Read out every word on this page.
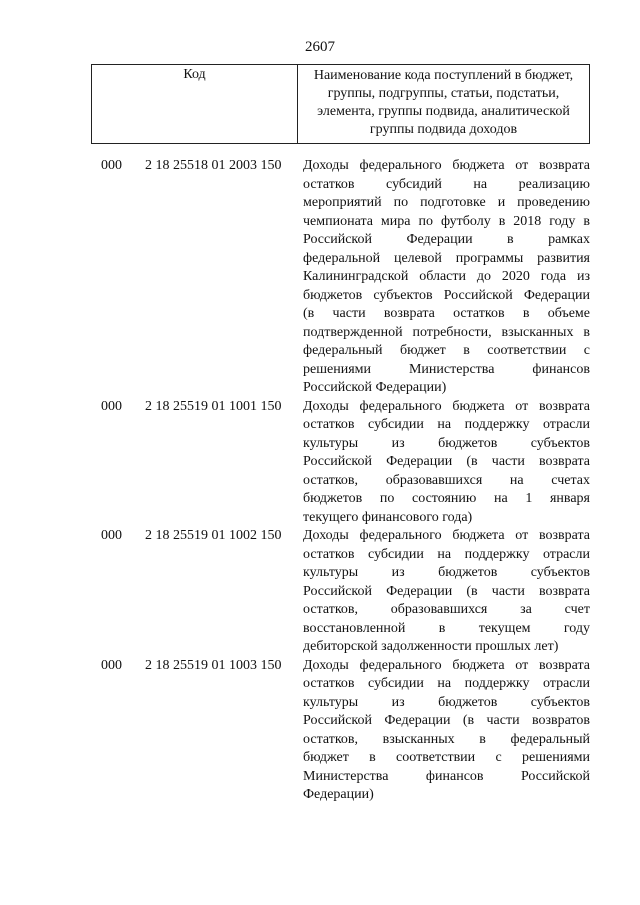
2607
Код	Наименование кода поступлений в бюджет,
группы, подгруппы, статьи, подстатьи,
элемента, группы подвида, аналитической
группы подвида доходов
000	2 18 25518 01 2003 150	Доходы федерального бюджета от возврата
остатков субсидий на реализацию
мероприятий по подготовке и проведению
чемпионата мира по футболу в 2018 году в
Российской Федерации в рамках
федеральной целевой программы развития
Калининградской области до 2020 года из
бюджетов субъектов Российской Федерации
(в части возврата остатков в объеме
подтвержденной потребности, взысканных в
федеральный бюджет в соответствии с
решениями Министерства финансов
Российской Федерации)
000	2 18 25519 01 1001 150	Доходы федерального бюджета от возврата
остатков субсидии на поддержку отрасли
культуры из бюджетов субъектов
Российской Федерации (в части возврата
остатков, образовавшихся на счетах
бюджетов по состоянию на 1 января
текущего финансового года)
000	2 18 25519 01 1002 150	Доходы федерального бюджета от возврата
остатков субсидии на поддержку отрасли
культуры из бюджетов субъектов
Российской Федерации (в части возврата
остатков, образовавшихся за счет
восстановленной в текущем году
дебиторской задолженности прошлых лет)
000	2 18 25519 01 1003 150	Доходы федерального бюджета от возврата
остатков субсидии на поддержку отрасли
культуры из бюджетов субъектов
Российской Федерации (в части возвратов
остатков, взысканных в федеральный
бюджет в соответствии с решениями
Министерства финансов Российской
Федерации)
